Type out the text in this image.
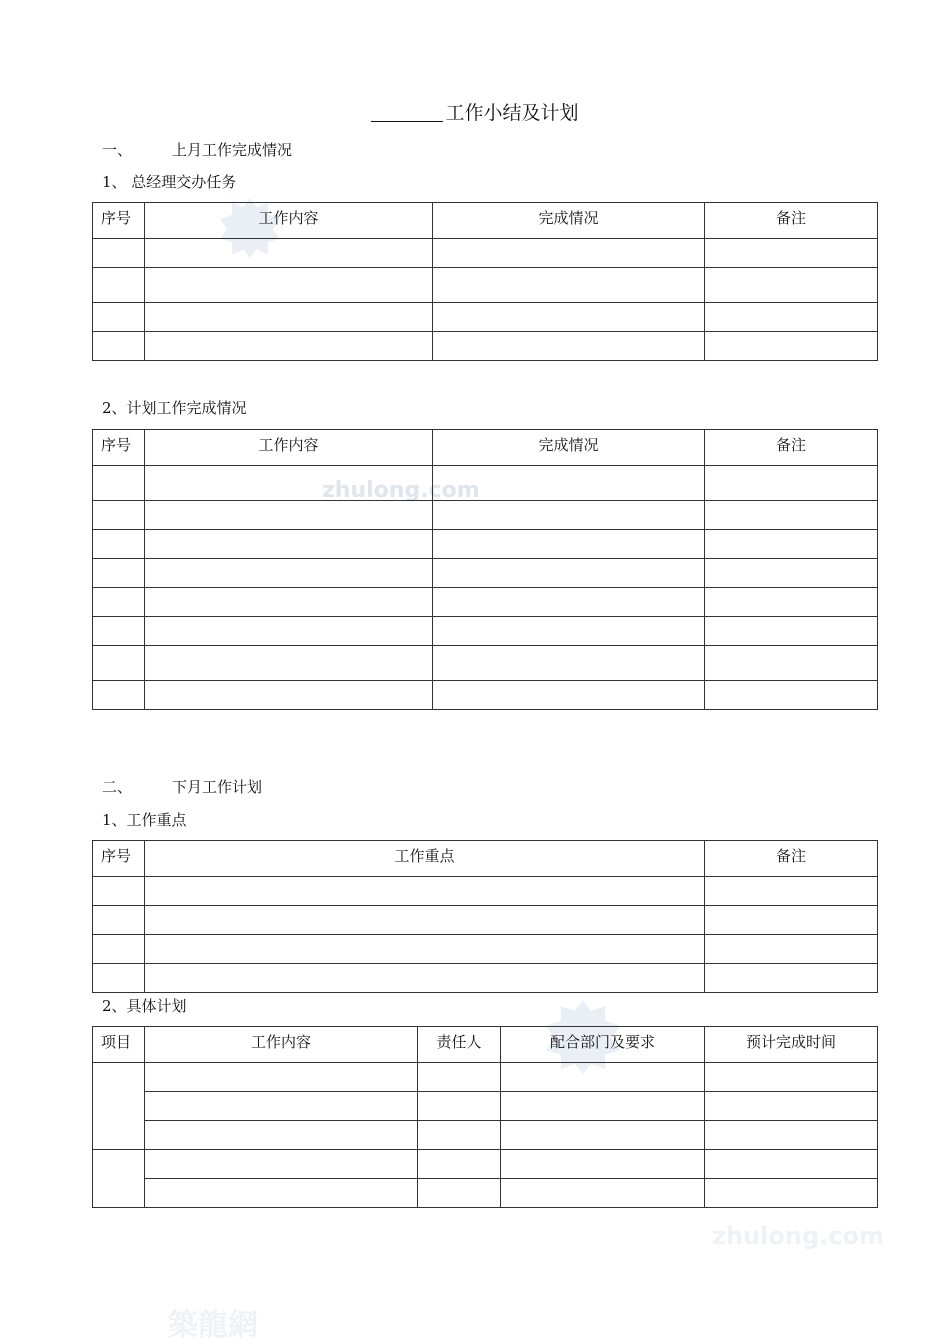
zhulong.com
zhulong.com
築龍網
工作小结及计划
一、	上月工作完成情况
1、 总经理交办任务
序号	工作内容	完成情况	备注

2、计划工作完成情况
序号	工作内容	完成情况	备注

二、	下月工作计划
1、工作重点
序号	工作重点	备注

2、具体计划
项目	工作内容	责任人	配合部门及要求	预计完成时间
